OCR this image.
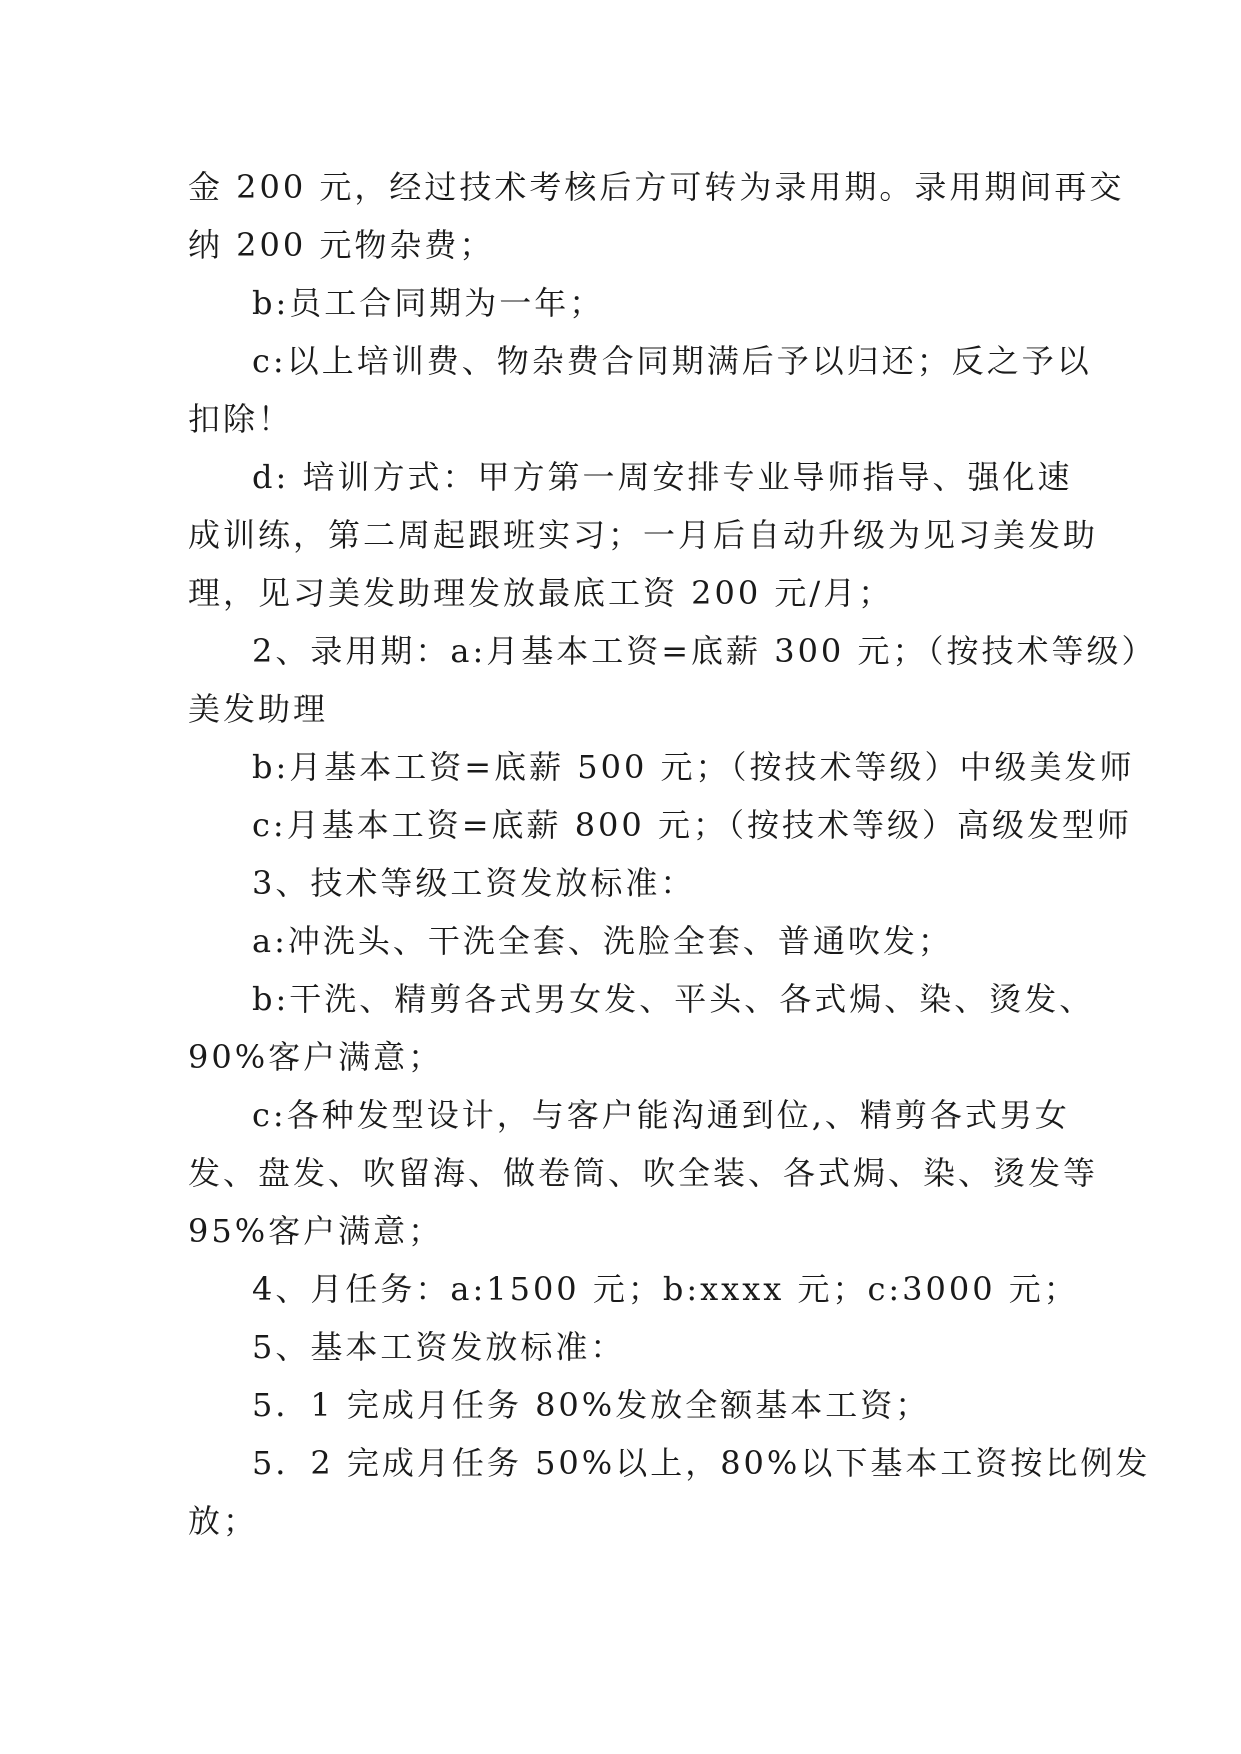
金 200 元，经过技术考核后方可转为录用期。录用期间再交
纳 200 元物杂费；
b:员工合同期为一年；
c:以上培训费、物杂费合同期满后予以归还；反之予以
扣除！
d: 培训方式：甲方第一周安排专业导师指导、强化速
成训练，第二周起跟班实习；一月后自动升级为见习美发助
理，见习美发助理发放最底工资 200 元/月；
2、录用期：a:月基本工资=底薪 300 元；（按技术等级）
美发助理
b:月基本工资=底薪 500 元；（按技术等级）中级美发师
c:月基本工资=底薪 800 元；（按技术等级）高级发型师
3、技术等级工资发放标准：
a:冲洗头、干洗全套、洗脸全套、普通吹发；
b:干洗、精剪各式男女发、平头、各式焗、染、烫发、
90%客户满意；
c:各种发型设计，与客户能沟通到位,、精剪各式男女
发、盘发、吹留海、做卷筒、吹全装、各式焗、染、烫发等
95%客户满意；
4、月任务：a:1500 元；b:xxxx 元；c:3000 元；
5、基本工资发放标准：
5．1 完成月任务 80%发放全额基本工资；
5．2 完成月任务 50%以上，80%以下基本工资按比例发
放；
